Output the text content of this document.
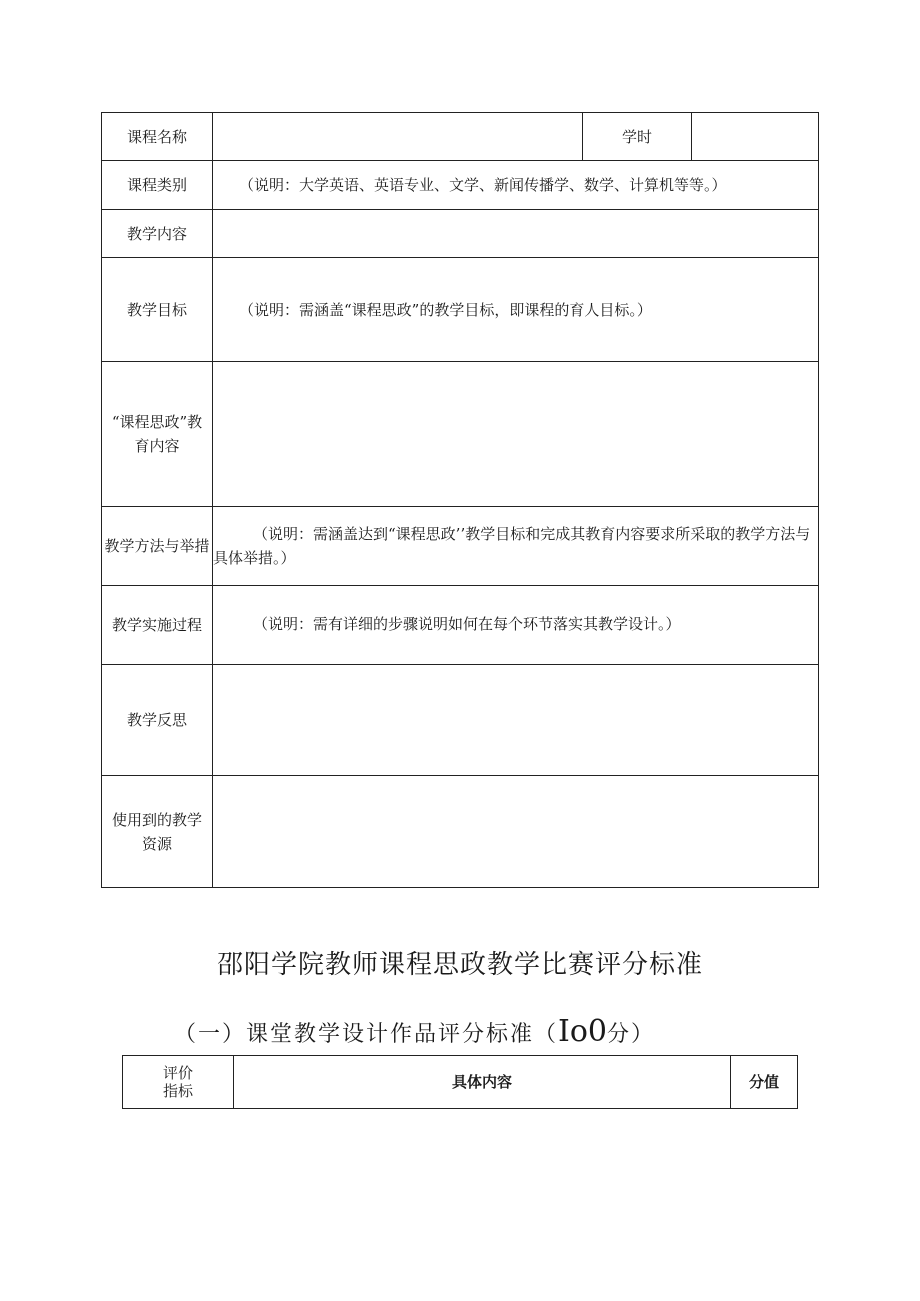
课程名称		学时	
课程类别	（说明：大学英语、英语专业、文学、新闻传播学、数学、计算机等等。）		
教学内容			
教学目标	（说明：需涵盖“课程思政”的教学目标，即课程的育人目标。）		
“课程思政”教育内容			
教学方法与举措	（说明：需涵盖达到“课程思政’’教学目标和完成其教育内容要求所采取的教学方法与具体举措。）		
教学实施过程	（说明：需有详细的步骤说明如何在每个环节落实其教学设计。）		
教学反思			
使用到的教学资源			
邵阳学院教师课程思政教学比赛评分标准
（一）课堂教学设计作品评分标准（Io0分）
评价指标	具体内容	分值
